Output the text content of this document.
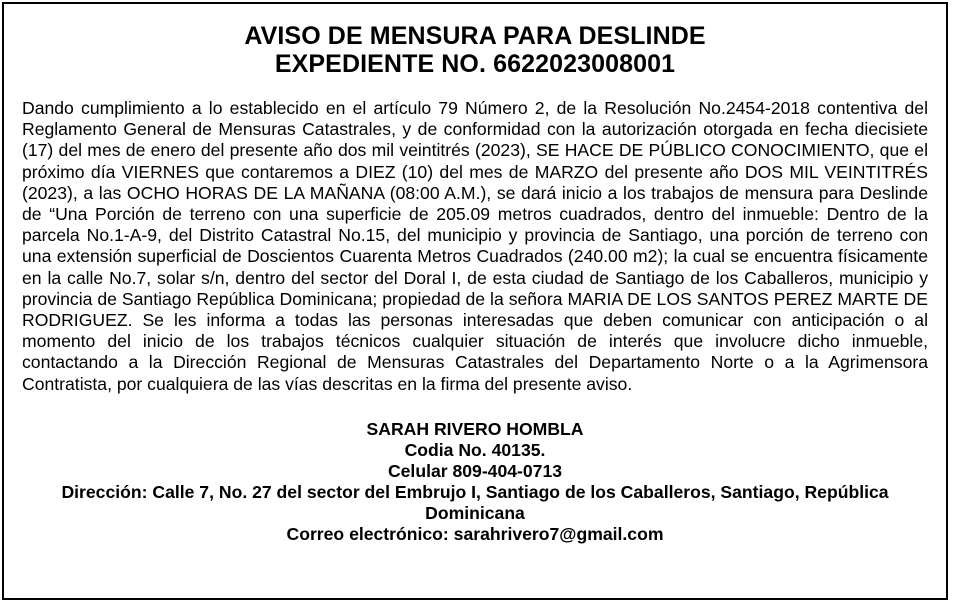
AVISO DE MENSURA PARA DESLINDE
EXPEDIENTE NO. 6622023008001
Dando cumplimiento a lo establecido en el artículo 79 Número 2, de la Resolución No.2454-2018 contentiva del Reglamento General de Mensuras Catastrales, y de conformidad con la autorización otorgada en fecha diecisiete (17) del mes de enero del presente año dos mil veintitrés (2023), SE HACE DE PÚBLICO CONOCIMIENTO, que el próximo día VIERNES que contaremos a DIEZ (10) del mes de MARZO del presente año DOS MIL VEINTITRÉS (2023), a las OCHO HORAS DE LA MAÑANA (08:00 A.M.), se dará inicio a los trabajos de mensura para Deslinde de “Una Porción de terreno con una superficie de 205.09 metros cuadrados, dentro del inmueble: Dentro de la parcela No.1-A-9, del Distrito Catastral No.15, del municipio y provincia de Santiago, una porción de terreno con una extensión superficial de Doscientos Cuarenta Metros Cuadrados (240.00 m2); la cual se encuentra físicamente en la calle No.7, solar s/n, dentro del sector del Doral I, de esta ciudad de Santiago de los Caballeros, municipio y provincia de Santiago República Dominicana; propiedad de la señora MARIA DE LOS SANTOS PEREZ MARTE DE RODRIGUEZ. Se les informa a todas las personas interesadas que deben comunicar con anticipación o al momento del inicio de los trabajos técnicos cualquier situación de interés que involucre dicho inmueble, contactando a la Dirección Regional de Mensuras Catastrales del Departamento Norte o a la Agrimensora Contratista, por cualquiera de las vías descritas en la firma del presente aviso.
SARAH RIVERO HOMBLA
Codia No. 40135.
Celular 809-404-0713
Dirección: Calle 7, No. 27 del sector del Embrujo I, Santiago de los Caballeros, Santiago, República Dominicana
Correo electrónico: sarahrivero7@gmail.com
